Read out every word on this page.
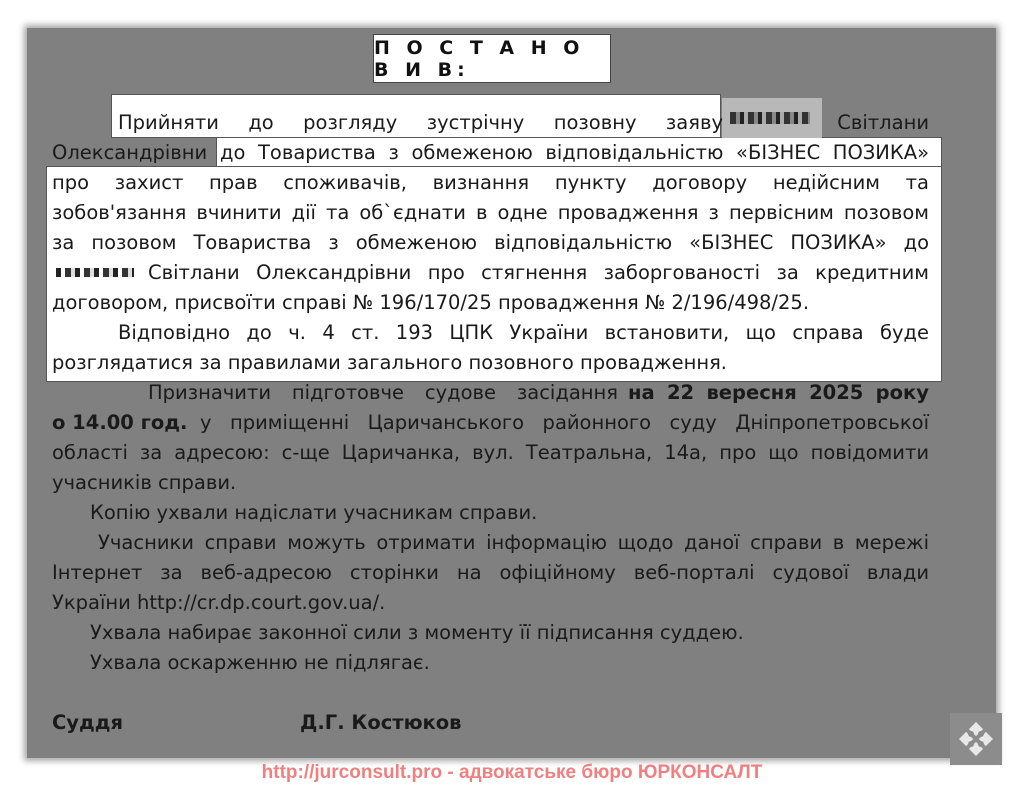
П О С Т А Н О В И В:
Прийняти до розгляду зустрічну позовну заяву	Світлани
Олександрівни до Товариства з обмеженою відповідальністю «БІЗНЕС ПОЗИКА»
про захист прав споживачів, визнання пункту договору недійсним та
зобов'язання вчинити дії та об`єднати в одне провадження з первісним позовом
за позовом Товариства з обмеженою відповідальністю «БІЗНЕС ПОЗИКА» до
Світлани Олександрівни про стягнення заборгованості за кредитним
договором, присвоїти справі № 196/170/25 провадження № 2/196/498/25.
Відповідно до ч. 4 ст. 193 ЦПК України встановити, що справа буде
розглядатися за правилами загального позовного провадження.
Призначити підготовче судове засідання на 22 вересня 2025 року
о 14.00 год. у приміщенні Царичанського районного суду Дніпропетровської
області за адресою: с-ще Царичанка, вул. Театральна, 14а, про що повідомити
учасників справи.
Копію ухвали надіслати учасникам справи.
Учасники справи можуть отримати інформацію щодо даної справи в мережі
Інтернет за веб-адресою сторінки на офіційному веб-порталі судової влади
України http://cr.dp.court.gov.ua/.
Ухвала набирає законної сили з моменту її підписання суддею.
Ухвала оскарженню не підлягає.
Суддя	Д.Г. Костюков
http://jurconsult.pro - адвокатське бюро ЮРКОНСАЛТ
